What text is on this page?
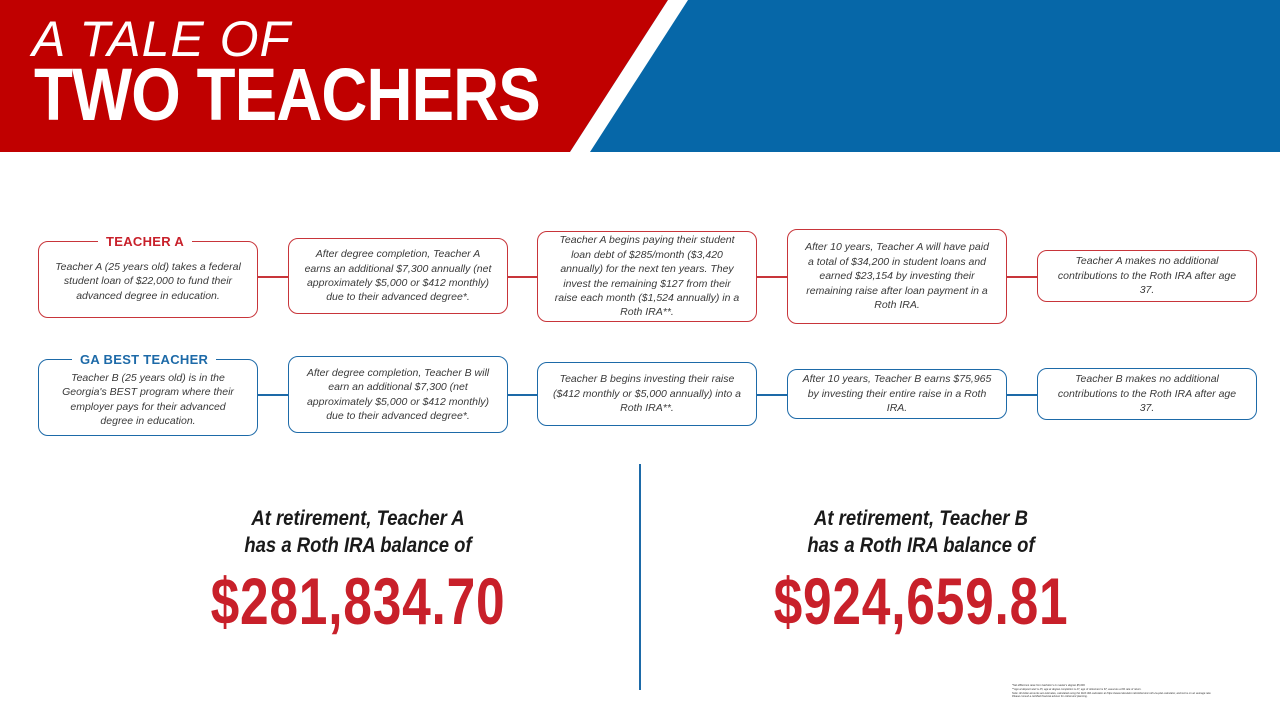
A TALE OF
TWO TEACHERS
Teacher A (25 years old) takes a federal student loan of $22,000 to fund their advanced degree in education.
TEACHER A
After degree completion, Teacher A earns an additional $7,300 annually (net approximately $5,000 or $412 monthly) due to their advanced degree*.
Teacher A begins paying their student loan debt of $285/month ($3,420 annually) for the next ten years. They invest the remaining $127 from their raise each month ($1,524 annually) in a Roth IRA**.
After 10 years, Teacher A will have paid a total of $34,200 in student loans and earned $23,154 by investing their remaining raise after loan payment in a Roth IRA.
Teacher A makes no additional contributions to the Roth IRA after age 37.
Teacher B (25 years old) is in the Georgia's BEST program where their employer pays for their advanced degree in education.
GA BEST TEACHER
After degree completion, Teacher B will earn an additional $7,300 (net approximately $5,000 or $412 monthly) due to their advanced degree*.
Teacher B begins investing their raise ($412 monthly or $5,000 annually) into a Roth IRA**.
After 10 years, Teacher B earns $75,965 by investing their entire raise in a Roth IRA.
Teacher B makes no additional contributions to the Roth IRA after age 37.
At retirement, Teacher A
has a Roth IRA balance of
$281,834.70
At retirement, Teacher B
has a Roth IRA balance of
$924,659.81
*Net difference raise from bachelor's to master's degree $5,000.
**Age at deposit start is 25, age at degree completion is 27, age of retirement is 67, assumes a 6% rate of return.
Note: All dollar amounts are estimates, calculated using the Roth IRA calculator at https://www.calculator.net/retirement-roth-ira-plan-calculator, and terms on an average rate.
Please consult a certified financial advisor for retirement planning.
